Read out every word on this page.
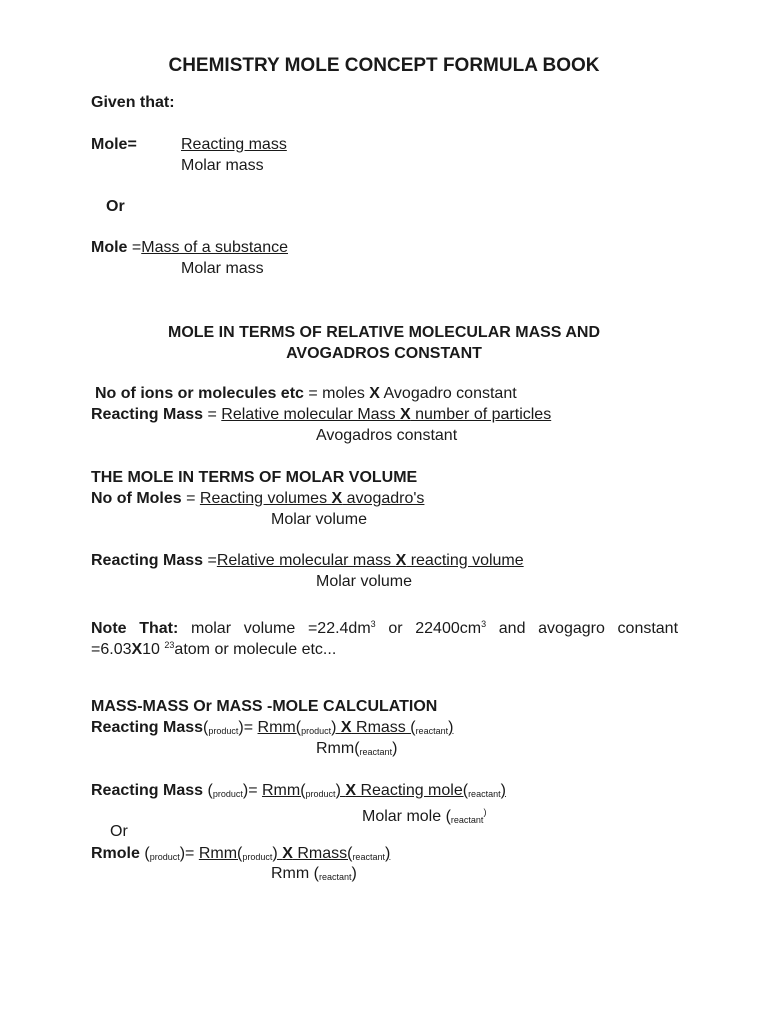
CHEMISTRY MOLE CONCEPT FORMULA BOOK
Given that:
Mole=	Reacting mass
Molar mass
Or
Mole =Mass of a substance
Molar mass
MOLE IN TERMS OF RELATIVE MOLECULAR MASS AND
AVOGADROS CONSTANT
No of ions or molecules etc = moles X Avogadro constant
Reacting Mass = Relative molecular Mass X number of particles
Avogadros constant
THE MOLE IN TERMS OF MOLAR VOLUME
No of Moles = Reacting volumes X avogadro's
Molar volume
Reacting Mass =Relative molecular mass X reacting volume
Molar volume
Note That: molar volume $=22.4dm^3$ or $22400cm^3$ and avogagro constant
=6.03X10 $^{23}$atom or molecule etc...
MASS-MASS Or MASS -MOLE CALCULATION
Reacting $Mass(_{product})= Rmm(_{product})$ X Rmass $(_{reactant})$
$Rmm(_{reactant})$
Reacting Mass $(_{product})= Rmm(_{product})$ X Reacting $mole(_{reactant})$
Molar mole ($_{reactant}^)$
Or
Rmole $(_{product})= Rmm(_{product})$ X $Rmass(_{reactant})$
Rmm $(_{reactant})$
